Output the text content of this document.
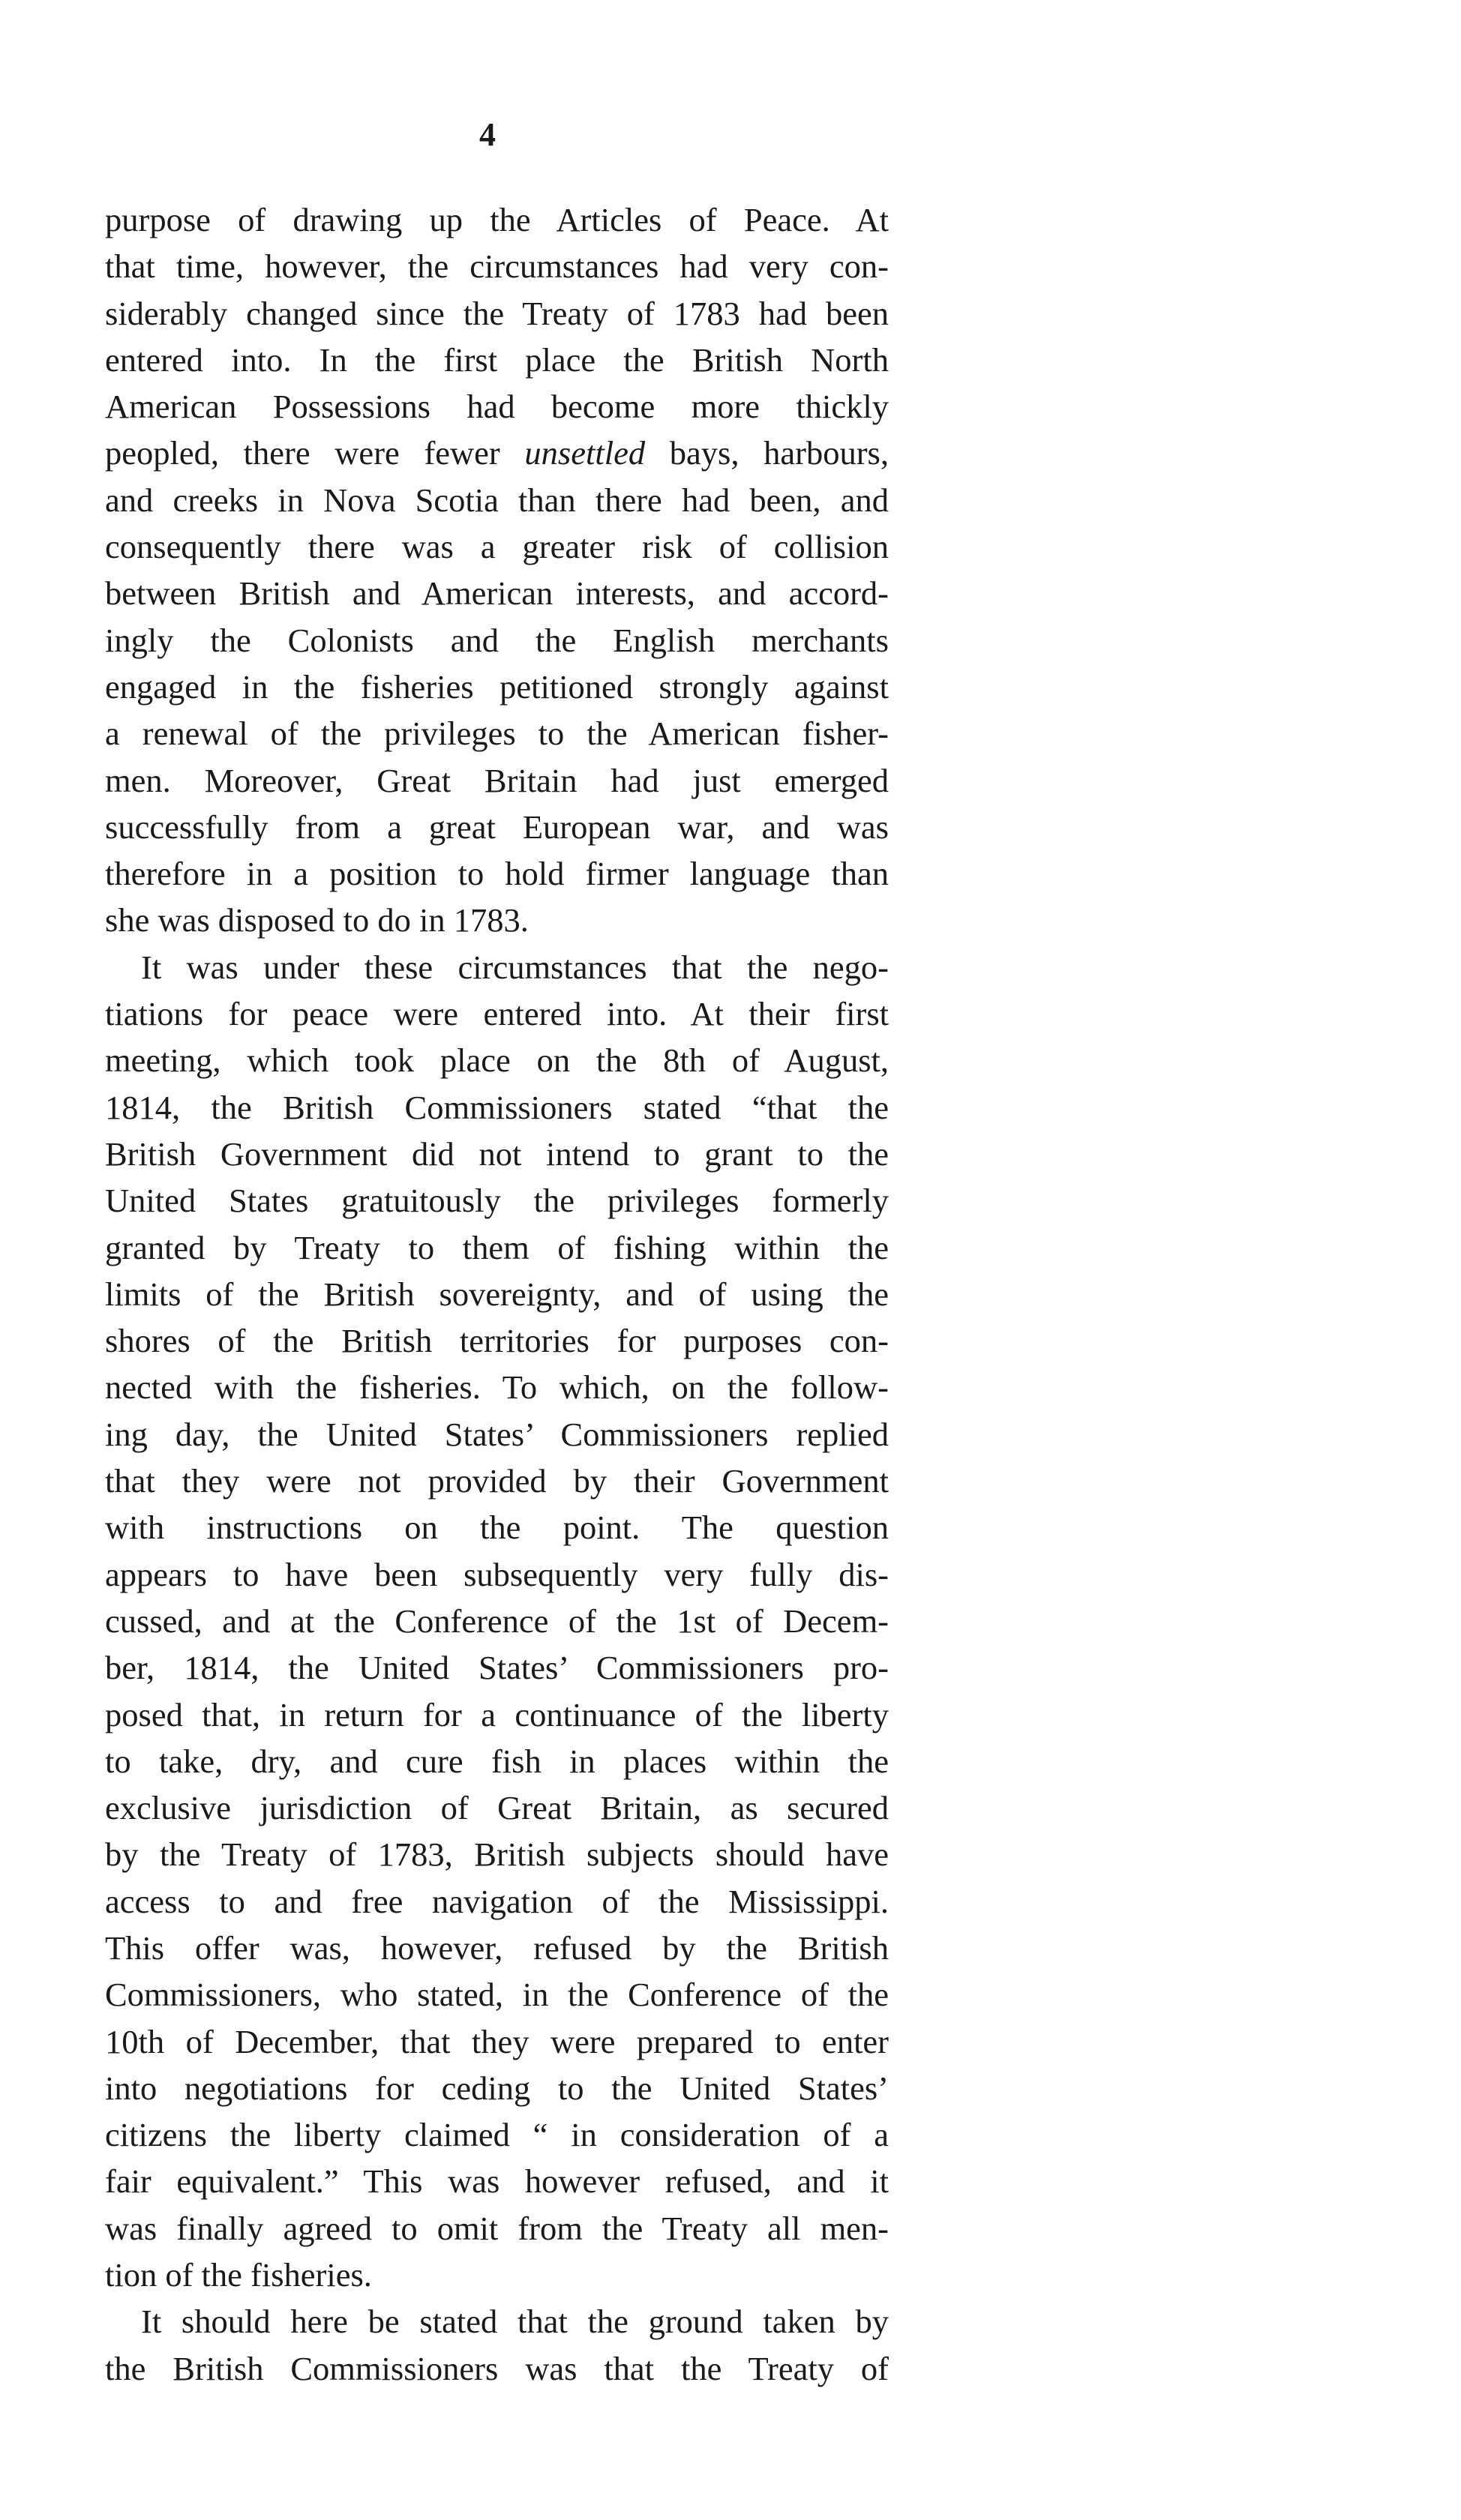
4
purpose of drawing up the Articles of Peace. At
that time, however, the circumstances had very con-
siderably changed since the Treaty of 1783 had been
entered into. In the first place the British North
American Possessions had become more thickly
peopled, there were fewer unsettled bays, harbours,
and creeks in Nova Scotia than there had been, and
consequently there was a greater risk of collision
between British and American interests, and accord-
ingly the Colonists and the English merchants
engaged in the fisheries petitioned strongly against
a renewal of the privileges to the American fisher-
men. Moreover, Great Britain had just emerged
successfully from a great European war, and was
therefore in a position to hold firmer language than
she was disposed to do in 1783.
It was under these circumstances that the nego-
tiations for peace were entered into. At their first
meeting, which took place on the 8th of August,
1814, the British Commissioners stated “that the
British Government did not intend to grant to the
United States gratuitously the privileges formerly
granted by Treaty to them of fishing within the
limits of the British sovereignty, and of using the
shores of the British territories for purposes con-
nected with the fisheries. To which, on the follow-
ing day, the United States’ Commissioners replied
that they were not provided by their Government
with instructions on the point. The question
appears to have been subsequently very fully dis-
cussed, and at the Conference of the 1st of Decem-
ber, 1814, the United States’ Commissioners pro-
posed that, in return for a continuance of the liberty
to take, dry, and cure fish in places within the
exclusive jurisdiction of Great Britain, as secured
by the Treaty of 1783, British subjects should have
access to and free navigation of the Mississippi.
This offer was, however, refused by the British
Commissioners, who stated, in the Conference of the
10th of December, that they were prepared to enter
into negotiations for ceding to the United States’
citizens the liberty claimed “ in consideration of a
fair equivalent.” This was however refused, and it
was finally agreed to omit from the Treaty all men-
tion of the fisheries.
It should here be stated that the ground taken by
the British Commissioners was that the Treaty of
